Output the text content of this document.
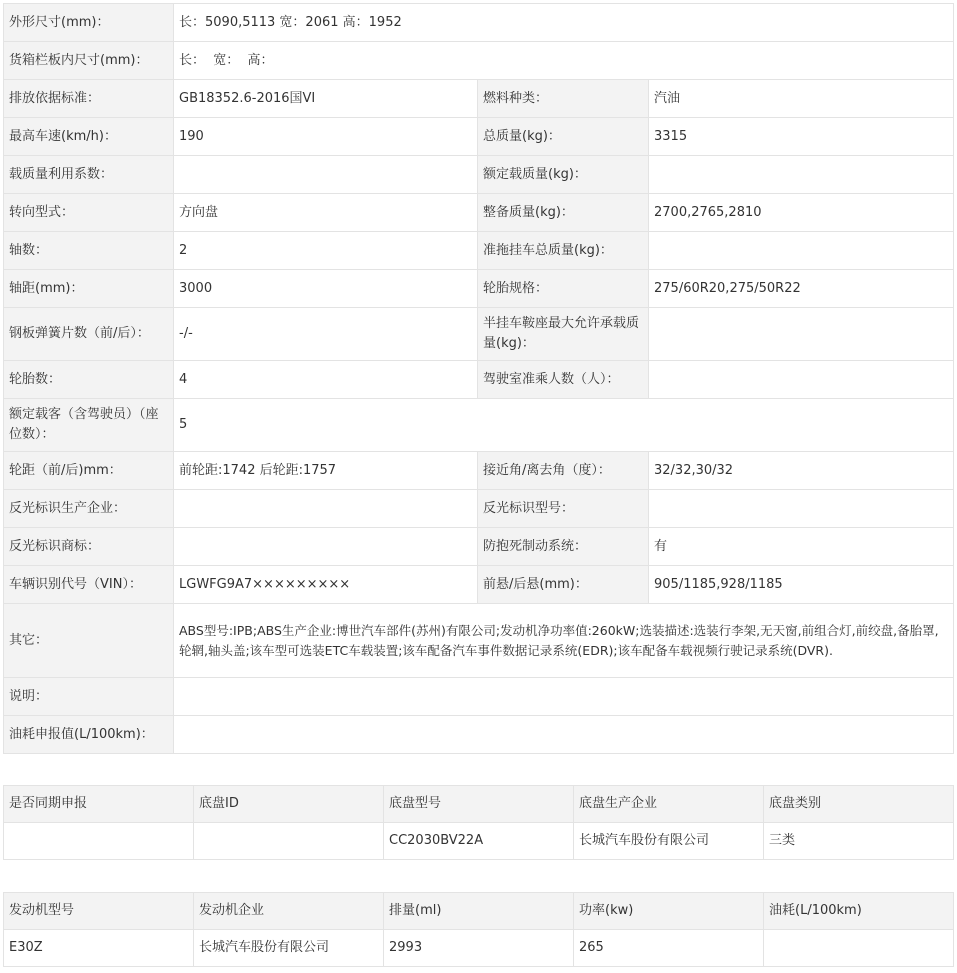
外形尺寸(mm)：	长：5090,5113 宽：2061 高：1952		
货箱栏板内尺寸(mm)：	长：  宽：  高：		
排放依据标准：	GB18352.6-2016国VI	燃料种类：	汽油
最高车速(km/h)：	190	总质量(kg)：	3315
载质量利用系数：		额定载质量(kg)：	
转向型式：	方向盘	整备质量(kg)：	2700,2765,2810
轴数：	2	准拖挂车总质量(kg)：	
轴距(mm)：	3000	轮胎规格：	275/60R20,275/50R22
钢板弹簧片数（前/后）：	-/-	半挂车鞍座最大允许承载质量(kg)：	
轮胎数：	4	驾驶室准乘人数（人）：	
额定载客（含驾驶员）（座位数）：	5		
轮距（前/后)mm：	前轮距:1742 后轮距:1757	接近角/离去角（度）：	32/32,30/32
反光标识生产企业：		反光标识型号：	
反光标识商标：		防抱死制动系统：	有
车辆识别代号（VIN）：	LGWFG9A7×××××××××	前悬/后悬(mm)：	905/1185,928/1185
其它：	ABS型号:IPB;ABS生产企业:博世汽车部件(苏州)有限公司;发动机净功率值:260kW;选装描述:选装行李架,无天窗,前组合灯,前绞盘,备胎罩,轮辋,轴头盖;该车型可选装ETC车载装置;该车配备汽车事件数据记录系统(EDR);该车配备车载视频行驶记录系统(DVR).		
说明：			
油耗申报值(L/100km)：			
是否同期申报	底盘ID	底盘型号	底盘生产企业	底盘类别
		CC2030BV22A	长城汽车股份有限公司	三类
发动机型号	发动机企业	排量(ml)	功率(kw)	油耗(L/100km)
E30Z	长城汽车股份有限公司	2993	265	
